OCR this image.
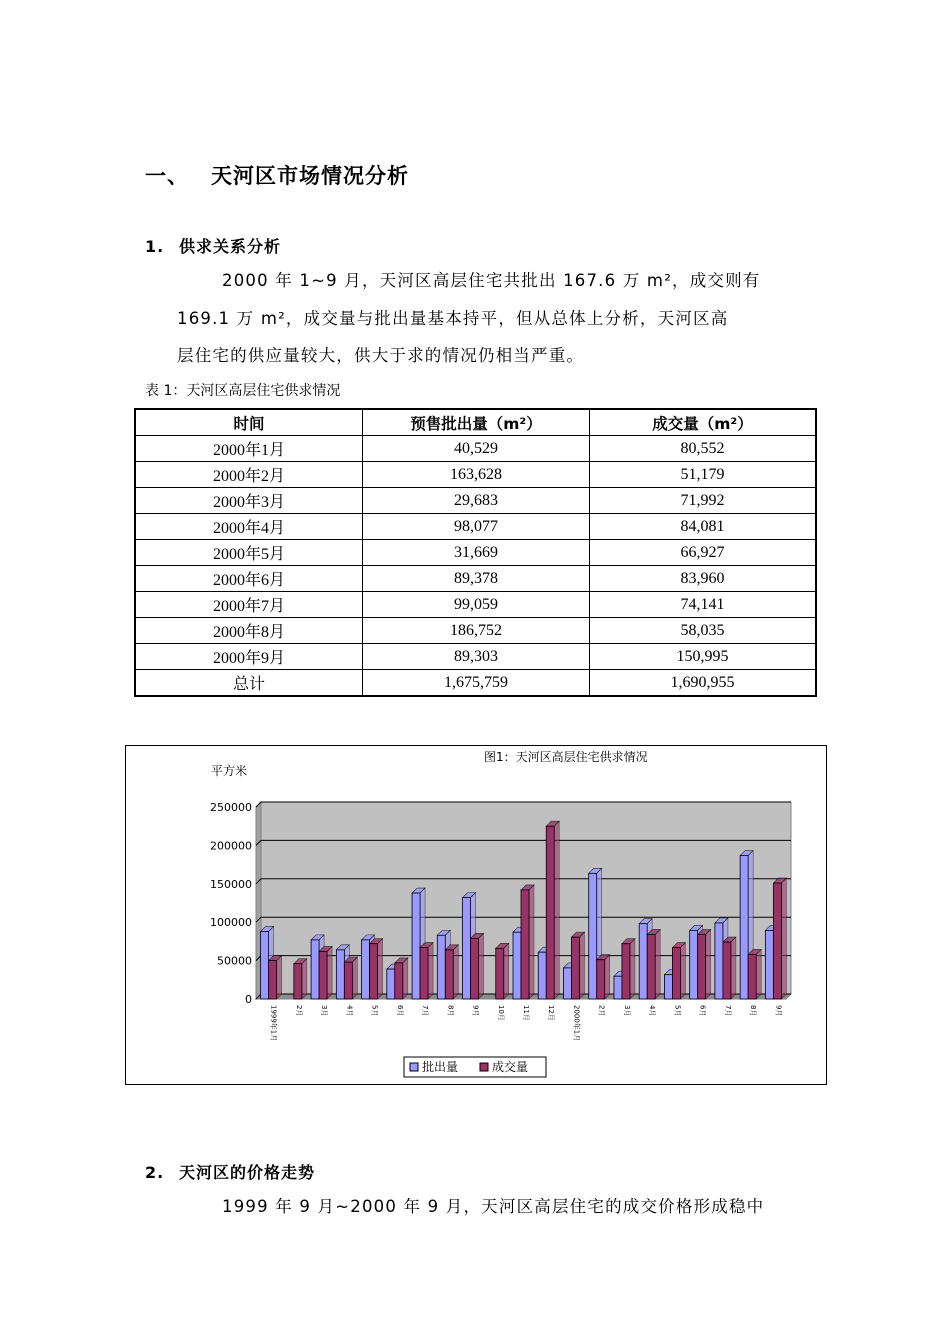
一、 天河区市场情况分析
1. 供求关系分析
2000 年 1~9 月，天河区高层住宅共批出 167.6 万 m²，成交则有
169.1 万 m²，成交量与批出量基本持平，但从总体上分析，天河区高
层住宅的供应量较大，供大于求的情况仍相当严重。
表 1：天河区高层住宅供求情况
时间	预售批出量（m²）	成交量（m²）
2000年1月	40,529	80,552
2000年2月	163,628	51,179
2000年3月	29,683	71,992
2000年4月	98,077	84,081
2000年5月	31,669	66,927
2000年6月	89,378	83,960
2000年7月	99,059	74,141
2000年8月	186,752	58,035
2000年9月	89,303	150,995
总计	1,675,759	1,690,955
图1：天河区高层住宅供求情况
平方米
0
50000
100000
150000
200000
250000
1999年1月 2月 3月 4月 5月 6月 7月 8月 9月 10月 11月 12月 2000年1月 2月 3月 4月 5月 6月 7月 8月 9月
批出量	成交量
2. 天河区的价格走势
1999 年 9 月~2000 年 9 月，天河区高层住宅的成交价格形成稳中
